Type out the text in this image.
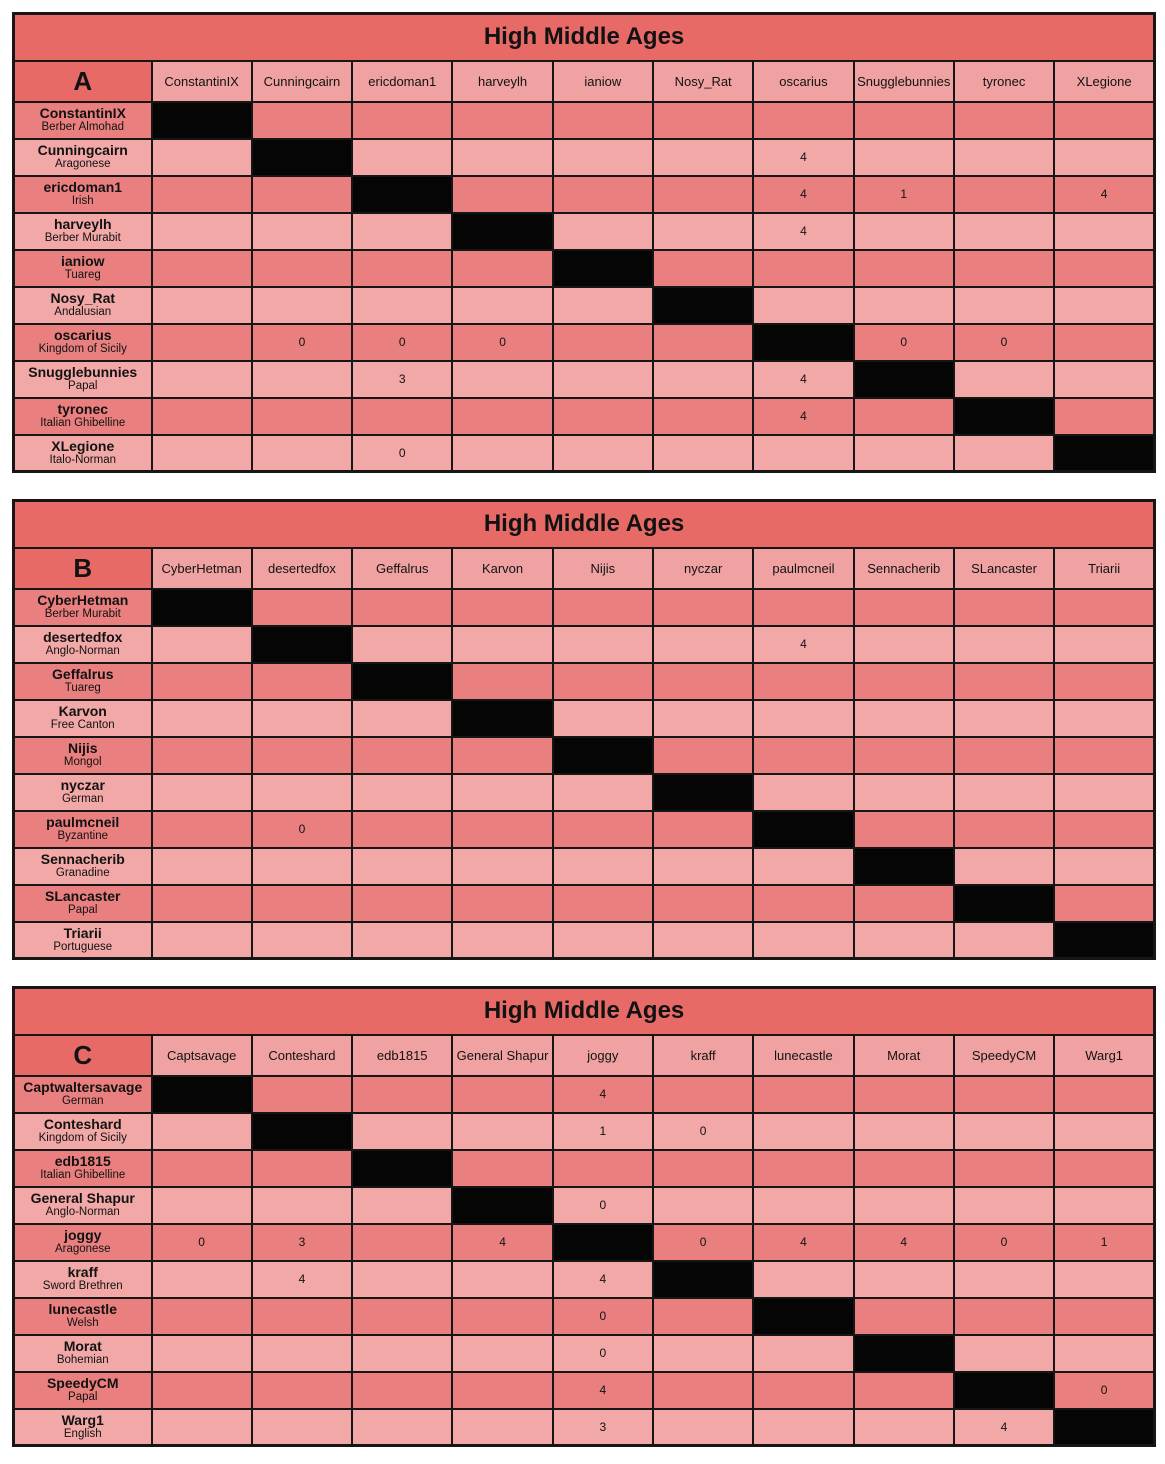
High Middle Ages										
A	ConstantinIX	Cunningcairn	ericdoman1	harveylh	ianiow	Nosy_Rat	oscarius	Snugglebunnies	tyronec	XLegione

ConstantinIX
Berber Almohad										

Cunningcairn
Aragonese							4			

ericdoman1
Irish							4	1		4

harveylh
Berber Murabit							4			

ianiow
Tuareg										

Nosy_Rat
Andalusian										

oscarius
Kingdom of Sicily		0	0	0				0	0	

Snugglebunnies
Papal			3				4			

tyronec
Italian Ghibelline							4			

XLegione
Italo-Norman			0							
High Middle Ages										
B	CyberHetman	desertedfox	Geffalrus	Karvon	Nijis	nyczar	paulmcneil	Sennacherib	SLancaster	Triarii

CyberHetman
Berber Murabit										

desertedfox
Anglo-Norman							4			

Geffalrus
Tuareg										

Karvon
Free Canton										

Nijis
Mongol										

nyczar
German										

paulmcneil
Byzantine		0								

Sennacherib
Granadine										

SLancaster
Papal										

Triarii
Portuguese										

High Middle Ages										
C	Captsavage	Conteshard	edb1815	General Shapur	joggy	kraff	lunecastle	Morat	SpeedyCM	Warg1

Captwaltersavage
German					4					

Conteshard
Kingdom of Sicily					1	0				

edb1815
Italian Ghibelline										

General Shapur
Anglo-Norman					0					

joggy
Aragonese	0	3		4		0	4	4	0	1

kraff
Sword Brethren		4			4					

lunecastle
Welsh					0					

Morat
Bohemian					0					

SpeedyCM
Papal					4					0

Warg1
English					3				4	
